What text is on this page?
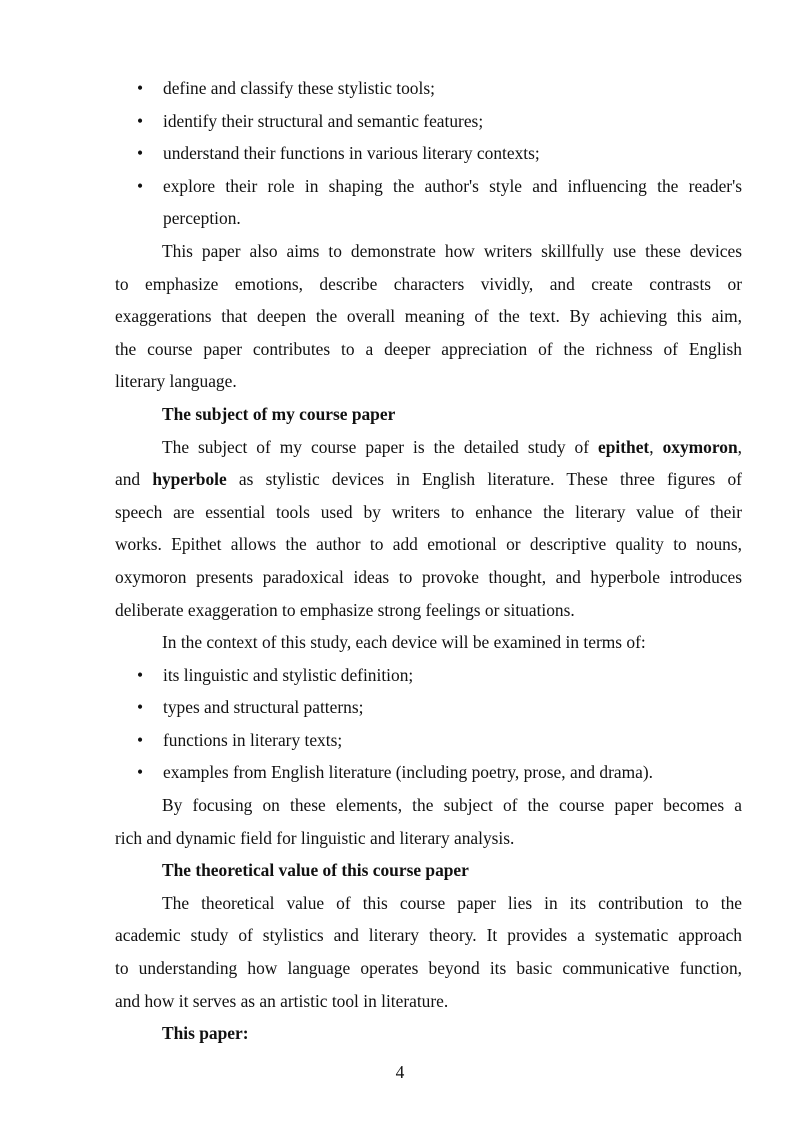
• define and classify these stylistic tools;
• identify their structural and semantic features;
• understand their functions in various literary contexts;
• explore their role in shaping the author's style and influencing the reader's
perception.
This paper also aims to demonstrate how writers skillfully use these devices
to emphasize emotions, describe characters vividly, and create contrasts or
exaggerations that deepen the overall meaning of the text. By achieving this aim,
the course paper contributes to a deeper appreciation of the richness of English
literary language.
The subject of my course paper
The subject of my course paper is the detailed study of epithet, oxymoron,
and hyperbole as stylistic devices in English literature. These three figures of
speech are essential tools used by writers to enhance the literary value of their
works. Epithet allows the author to add emotional or descriptive quality to nouns,
oxymoron presents paradoxical ideas to provoke thought, and hyperbole introduces
deliberate exaggeration to emphasize strong feelings or situations.
In the context of this study, each device will be examined in terms of:
• its linguistic and stylistic definition;
• types and structural patterns;
• functions in literary texts;
• examples from English literature (including poetry, prose, and drama).
By focusing on these elements, the subject of the course paper becomes a
rich and dynamic field for linguistic and literary analysis.
The theoretical value of this course paper
The theoretical value of this course paper lies in its contribution to the
academic study of stylistics and literary theory. It provides a systematic approach
to understanding how language operates beyond its basic communicative function,
and how it serves as an artistic tool in literature.
This paper:
4
